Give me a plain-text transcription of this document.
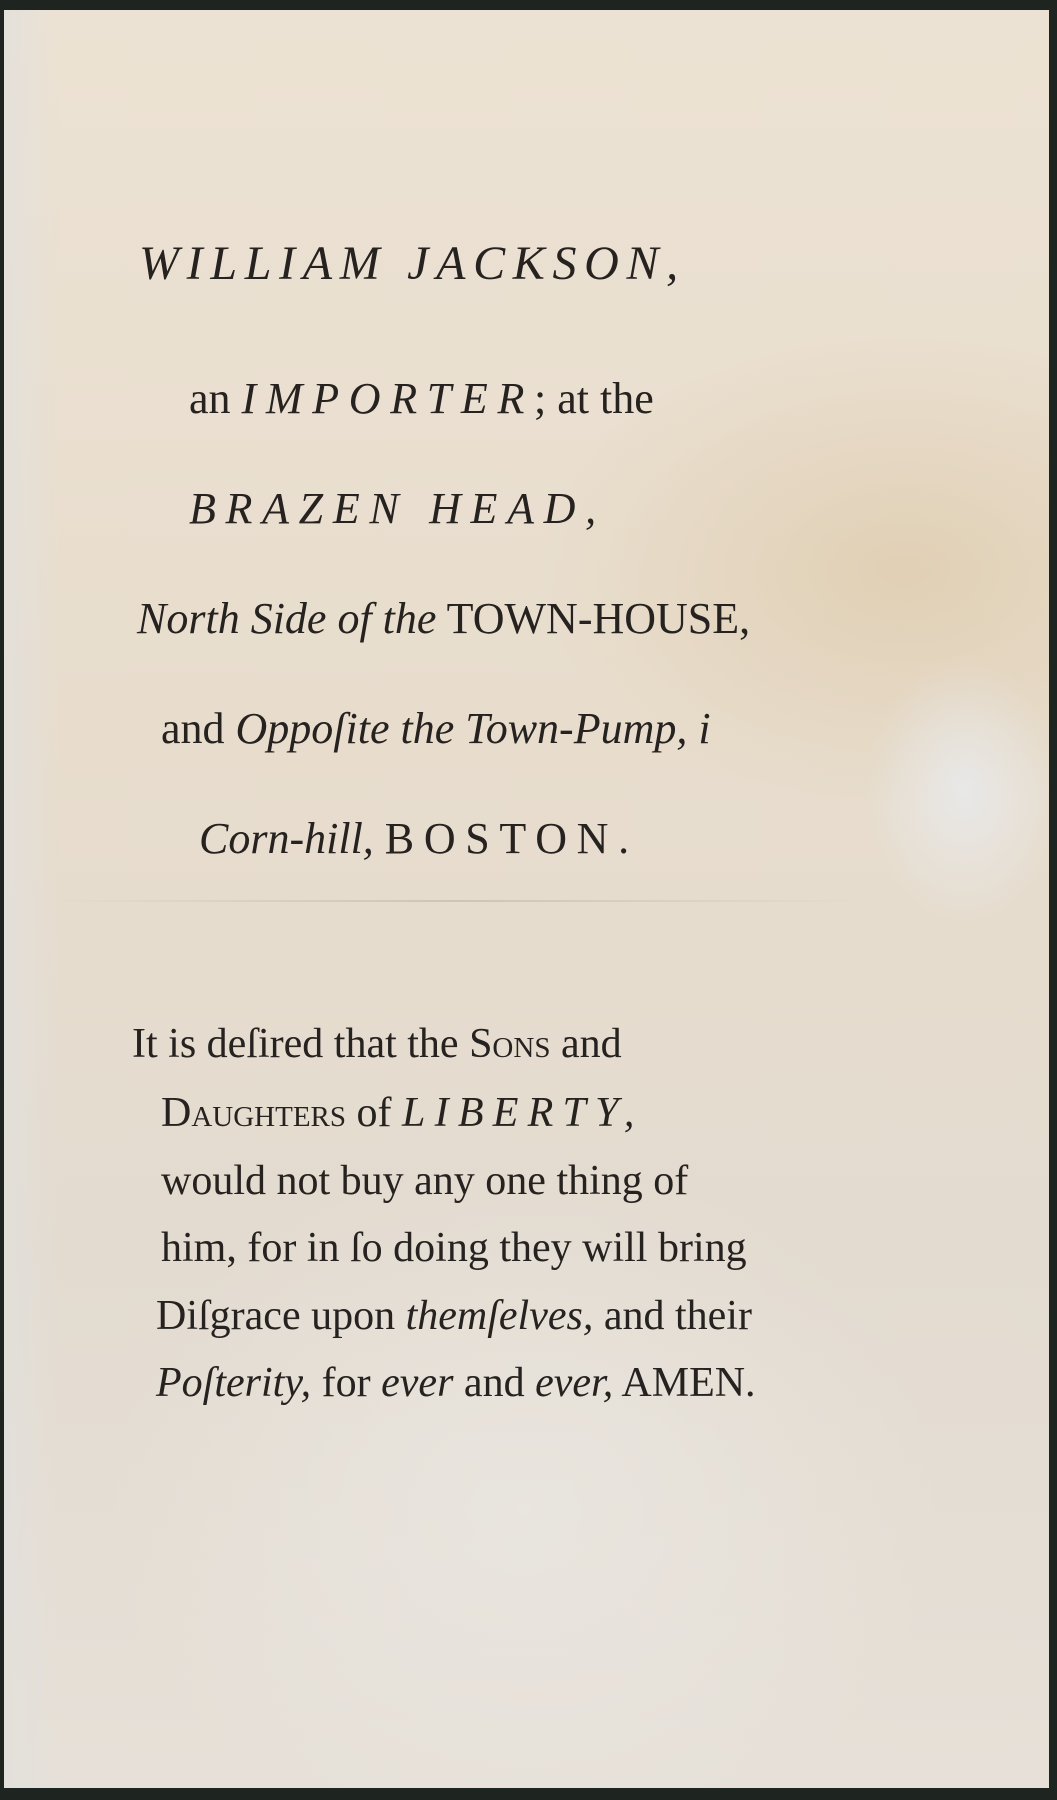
WILLIAM JACKSON,
an IMPORTER; at the
BRAZEN HEAD,
North Side of the TOWN-HOUSE,
and Oppoſite the Town-Pump, i
Corn-hill, BOSTON.
It is deſired that the Sons and
Daughters of LIBERTY,
would not buy any one thing of
him, for in ſo doing they will bring
Diſgrace upon themſelves, and their
Poſterity, for ever and ever, AMEN.
